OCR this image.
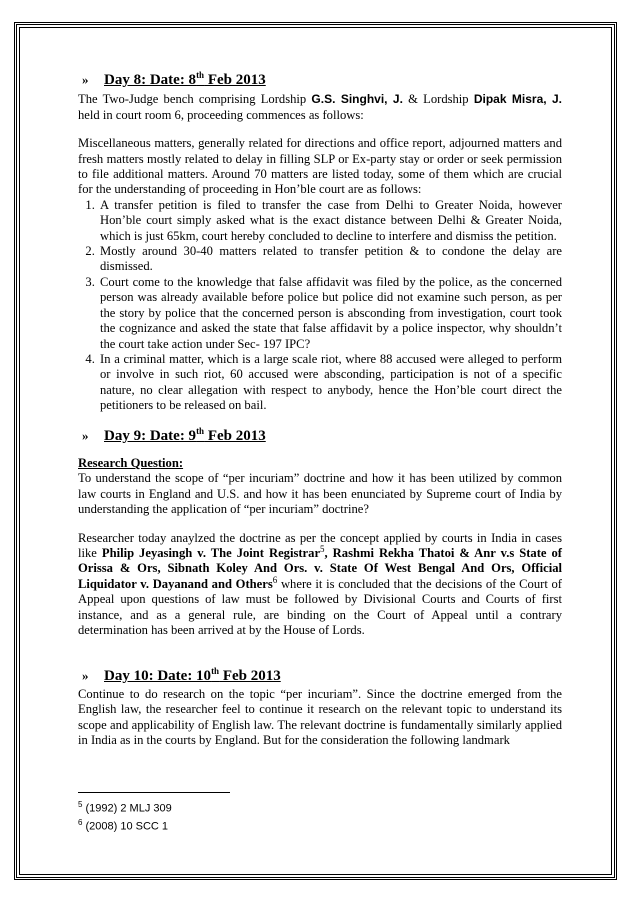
»	Day 8: Date: 8th Feb 2013

The Two-Judge bench comprising Lordship G.S. Singhvi, J. & Lordship Dipak Misra, J. held in court room 6, proceeding commences as follows:

Miscellaneous matters, generally related for directions and office report, adjourned matters and fresh matters mostly related to delay in filling SLP or Ex-party stay or order or seek permission to file additional matters. Around 70 matters are listed today, some of them which are crucial for the understanding of proceeding in Hon’ble court are as follows:

1. A transfer petition is filed to transfer the case from Delhi to Greater Noida, however Hon’ble court simply asked what is the exact distance between Delhi & Greater Noida, which is just 65km, court hereby concluded to decline to interfere and dismiss the petition.
2. Mostly around 30-40 matters related to transfer petition & to condone the delay are dismissed.
3. Court come to the knowledge that false affidavit was filed by the police, as the concerned person was already available before police but police did not examine such person, as per the story by police that the concerned person is absconding from investigation, court took the cognizance and asked the state that false affidavit by a police inspector, why shouldn’t the court take action under Sec- 197 IPC?
4. In a criminal matter, which is a large scale riot, where 88 accused were alleged to perform or involve in such riot, 60 accused were absconding, participation is not of a specific nature, no clear allegation with respect to anybody, hence the Hon’ble court direct the petitioners to be released on bail.
»	Day 9: Date: 9th Feb 2013

Research Question:

To understand the scope of “per incuriam” doctrine and how it has been utilized by common law courts in England and U.S. and how it has been enunciated by Supreme court of India by understanding the application of “per incuriam” doctrine?

Researcher today anaylzed the doctrine as per the concept applied by courts in India in cases like Philip Jeyasingh v. The Joint Registrar$^5$, Rashmi Rekha Thatoi & Anr v.s State of Orissa & Ors, Sibnath Koley And Ors. v. State Of West Bengal And Ors, Official Liquidator v. Dayanand and Others$^6$ where it is concluded that the decisions of the Court of Appeal upon questions of law must be followed by Divisional Courts and Courts of first instance, and as a general rule, are binding on the Court of Appeal until a contrary determination has been arrived at by the House of Lords.

»	Day 10: Date: 10th Feb 2013

Continue to do research on the topic “per incuriam”. Since the doctrine emerged from the English law, the researcher feel to continue it research on the relevant topic to understand its scope and applicability of English law. The relevant doctrine is fundamentally similarly applied in India as in the courts by England. But for the consideration the following landmark

$^5$ (1992) 2 MLJ 309
$^6$ (2008) 10 SCC 1
